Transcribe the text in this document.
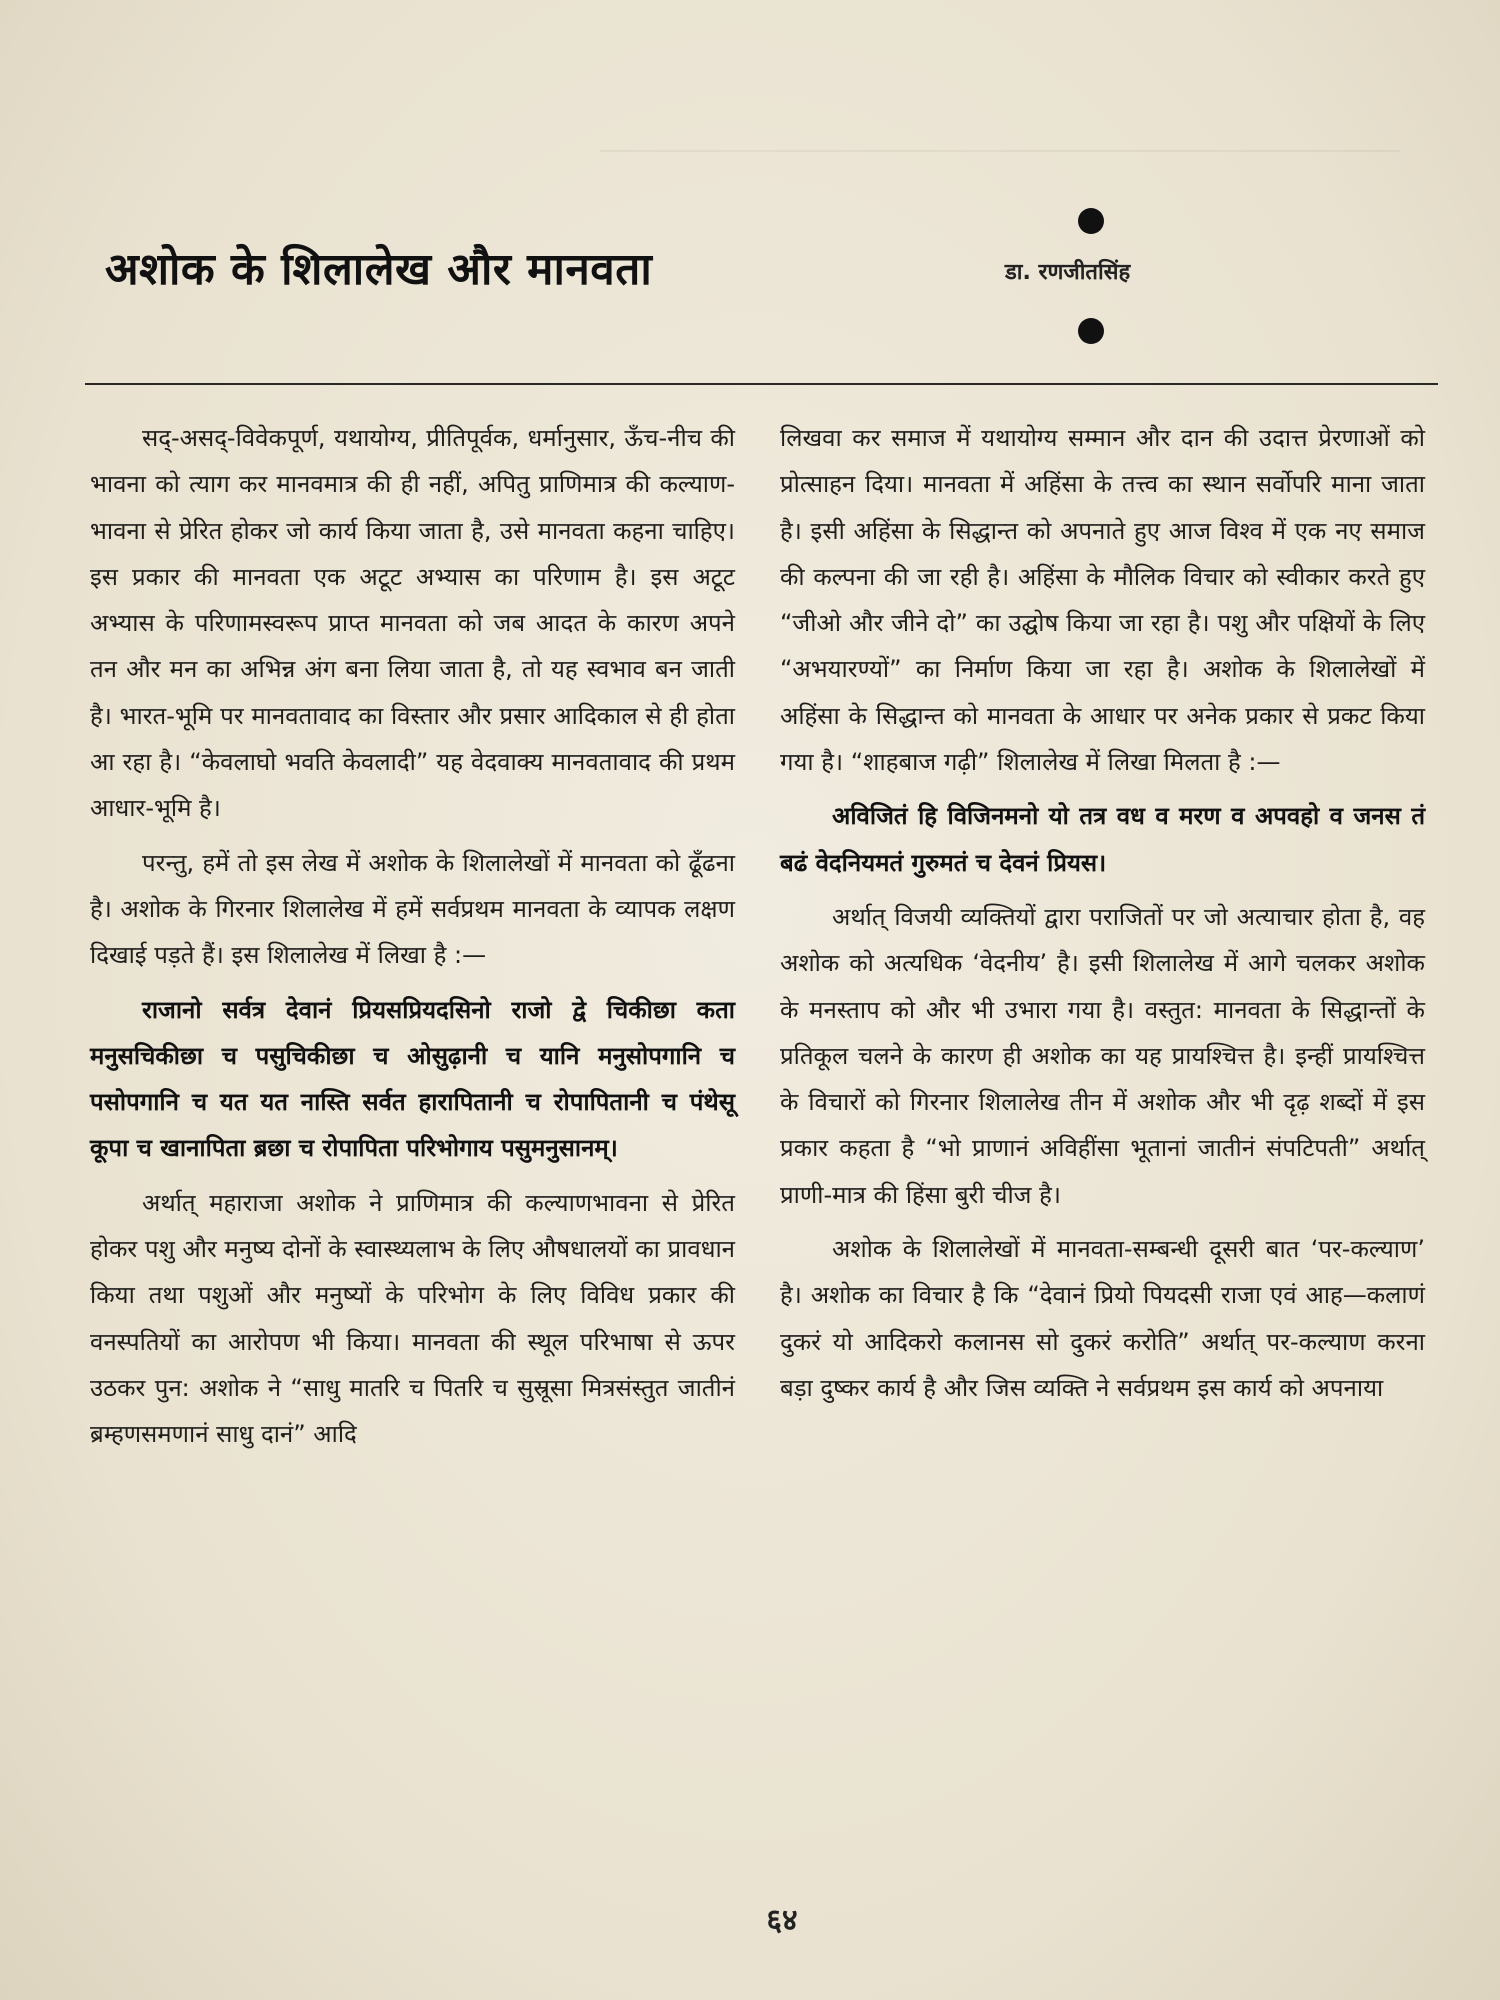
अशोक के शिलालेख और मानवता	डा. रणजीतसिंह

सद्-असद्-विवेकपूर्ण, यथायोग्य, प्रीतिपूर्वक, धर्मानुसार, ऊँच-नीच की भावना को त्याग कर मानवमात्र की ही नहीं, अपितु प्राणिमात्र की कल्याण-भावना से प्रेरित होकर जो कार्य किया जाता है, उसे मानवता कहना चाहिए। इस प्रकार की मानवता एक अटूट अभ्यास का परिणाम है। इस अटूट अभ्यास के परिणामस्वरूप प्राप्त मानवता को जब आदत के कारण अपने तन और मन का अभिन्न अंग बना लिया जाता है, तो यह स्वभाव बन जाती है। भारत-भूमि पर मानवतावाद का विस्तार और प्रसार आदिकाल से ही होता आ रहा है। “केवलाघो भवति केवलादी” यह वेदवाक्य मानवतावाद की प्रथम आधार-भूमि है।

परन्तु, हमें तो इस लेख में अशोक के शिलालेखों में मानवता को ढूँढना है। अशोक के गिरनार शिलालेख में हमें सर्वप्रथम मानवता के व्यापक लक्षण दिखाई पड़ते हैं। इस शिलालेख में लिखा है :—

राजानो सर्वत्र देवानं प्रियसप्रियदसिनो राजो द्वे चिकीछा कता मनुसचिकीछा च पसुचिकीछा च ओसुढ़ानी च यानि मनुसोपगानि च पसोपगानि च यत यत नास्ति सर्वत हारापितानी च रोपापितानी च पंथेसू कूपा च खानापिता ब्रछा च रोपापिता परिभोगाय पसुमनुसानम्।

अर्थात् महाराजा अशोक ने प्राणिमात्र की कल्याणभावना से प्रेरित होकर पशु और मनुष्य दोनों के स्वास्थ्यलाभ के लिए औषधालयों का प्रावधान किया तथा पशुओं और मनुष्यों के परिभोग के लिए विविध प्रकार की वनस्पतियों का आरोपण भी किया। मानवता की स्थूल परिभाषा से ऊपर उठकर पुन: अशोक ने “साधु मातरि च पितरि च सुस्रूसा मित्रसंस्तुत जातीनं ब्रम्हणसमणानं साधु दानं” आदि

लिखवा कर समाज में यथायोग्य सम्मान और दान की उदात्त प्रेरणाओं को प्रोत्साहन दिया। मानवता में अहिंसा के तत्त्व का स्थान सर्वोपरि माना जाता है। इसी अहिंसा के सिद्धान्त को अपनाते हुए आज विश्व में एक नए समाज की कल्पना की जा रही है। अहिंसा के मौलिक विचार को स्वीकार करते हुए “जीओ और जीने दो” का उद्घोष किया जा रहा है। पशु और पक्षियों के लिए “अभयारण्यों” का निर्माण किया जा रहा है। अशोक के शिलालेखों में अहिंसा के सिद्धान्त को मानवता के आधार पर अनेक प्रकार से प्रकट किया गया है। “शाहबाज गढ़ी” शिलालेख में लिखा मिलता है :—

अविजितं हि विजिनमनो यो तत्र वध व मरण व अपवहो व जनस तं बढं वेदनियमतं गुरुमतं च देवनं प्रियस।

अर्थात् विजयी व्यक्तियों द्वारा पराजितों पर जो अत्याचार होता है, वह अशोक को अत्यधिक ‘वेदनीय’ है। इसी शिलालेख में आगे चलकर अशोक के मनस्ताप को और भी उभारा गया है। वस्तुत: मानवता के सिद्धान्तों के प्रतिकूल चलने के कारण ही अशोक का यह प्रायश्चित्त है। इन्हीं प्रायश्चित्त के विचारों को गिरनार शिलालेख तीन में अशोक और भी दृढ़ शब्दों में इस प्रकार कहता है “भो प्राणानं अविहींसा भूतानां जातीनं संपटिपती” अर्थात् प्राणी-मात्र की हिंसा बुरी चीज है।

अशोक के शिलालेखों में मानवता-सम्बन्धी दूसरी बात ‘पर-कल्याण’ है। अशोक का विचार है कि “देवानं प्रियो पियदसी राजा एवं आह—कलाणं दुकरं यो आदिकरो कलानस सो दुकरं करोति” अर्थात् पर-कल्याण करना बड़ा दुष्कर कार्य है और जिस व्यक्ति ने सर्वप्रथम इस कार्य को अपनाया

६४
